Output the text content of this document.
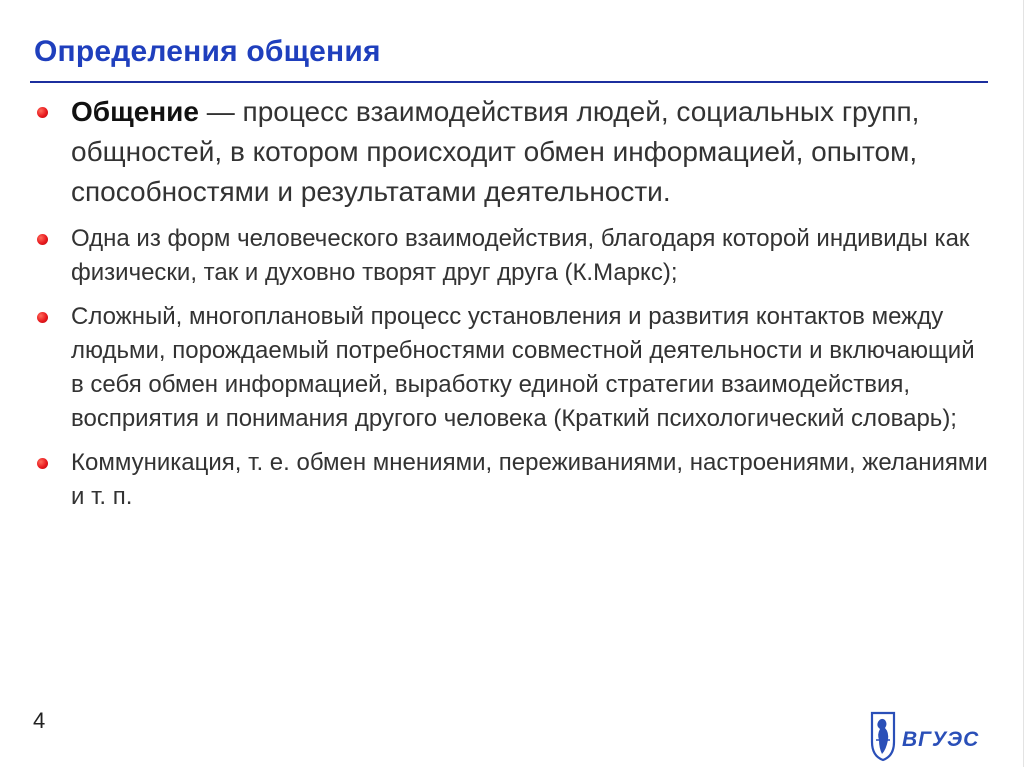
Определения общения
Общение — процесс взаимодействия людей, социальных групп, общностей, в котором происходит обмен информацией, опытом, способностями и результатами деятельности.
Одна из форм человеческого взаимодействия, благодаря которой индивиды как физически, так и духовно творят друг друга (К.Маркс);
Сложный, многоплановый процесс установления и развития контактов между людьми, порождаемый потребностями совместной деятельности и включающий в себя обмен информацией, выработку единой стратегии взаимодействия, восприятия и понимания другого человека (Краткий психологический словарь);
Коммуникация, т. е. обмен мнениями, переживаниями, настроениями, желаниями и т. п.
4
ВГУЭС
